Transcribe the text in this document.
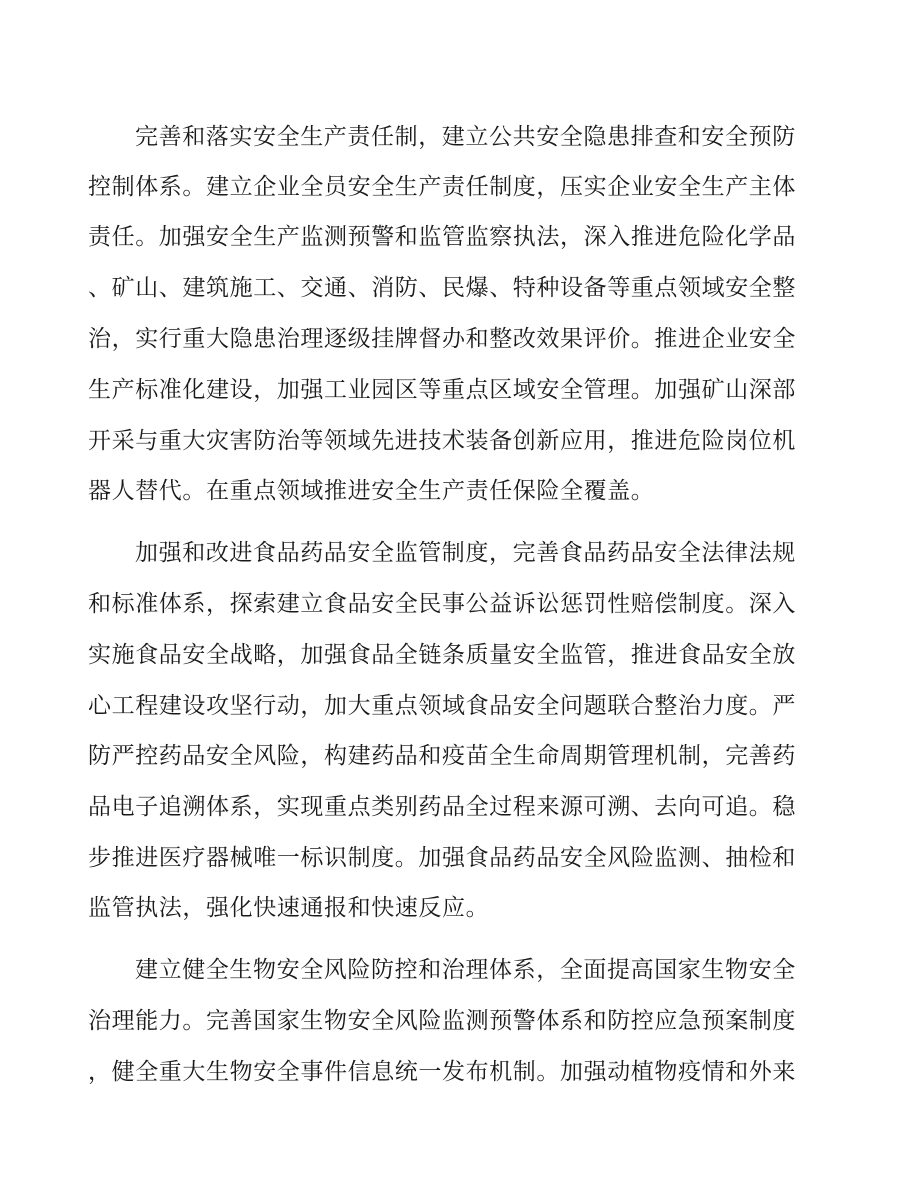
完善和落实安全生产责任制，建立公共安全隐患排查和安全预防
控制体系。建立企业全员安全生产责任制度，压实企业安全生产主体
责任。加强安全生产监测预警和监管监察执法，深入推进危险化学品
、矿山、建筑施工、交通、消防、民爆、特种设备等重点领域安全整
治，实行重大隐患治理逐级挂牌督办和整改效果评价。推进企业安全
生产标准化建设，加强工业园区等重点区域安全管理。加强矿山深部
开采与重大灾害防治等领域先进技术装备创新应用，推进危险岗位机
器人替代。在重点领域推进安全生产责任保险全覆盖。
加强和改进食品药品安全监管制度，完善食品药品安全法律法规
和标准体系，探索建立食品安全民事公益诉讼惩罚性赔偿制度。深入
实施食品安全战略，加强食品全链条质量安全监管，推进食品安全放
心工程建设攻坚行动，加大重点领域食品安全问题联合整治力度。严
防严控药品安全风险，构建药品和疫苗全生命周期管理机制，完善药
品电子追溯体系，实现重点类别药品全过程来源可溯、去向可追。稳
步推进医疗器械唯一标识制度。加强食品药品安全风险监测、抽检和
监管执法，强化快速通报和快速反应。
建立健全生物安全风险防控和治理体系，全面提高国家生物安全
治理能力。完善国家生物安全风险监测预警体系和防控应急预案制度
，健全重大生物安全事件信息统一发布机制。加强动植物疫情和外来
